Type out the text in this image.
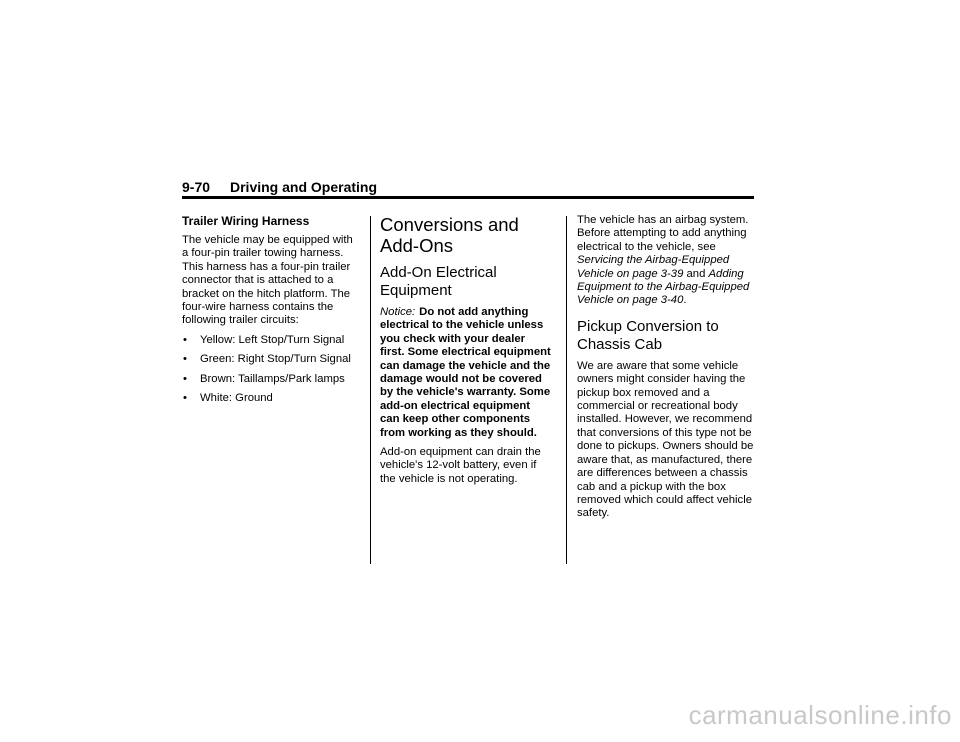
9-70 Driving and Operating
Trailer Wiring Harness

The vehicle may be equipped with a four-pin trailer towing harness. This harness has a four-pin trailer connector that is attached to a bracket on the hitch platform. The four-wire harness contains the following trailer circuits:

• Yellow: Left Stop/Turn Signal
• Green: Right Stop/Turn Signal
• Brown: Taillamps/Park lamps
• White: Ground
Conversions and Add-Ons
Add-On Electrical Equipment

Notice: Do not add anything electrical to the vehicle unless you check with your dealer first. Some electrical equipment can damage the vehicle and the damage would not be covered by the vehicle's warranty. Some add-on electrical equipment can keep other components from working as they should.

Add-on equipment can drain the vehicle's 12-volt battery, even if the vehicle is not operating.

The vehicle has an airbag system. Before attempting to add anything electrical to the vehicle, see Servicing the Airbag-Equipped Vehicle on page 3-39 and Adding Equipment to the Airbag-Equipped Vehicle on page 3-40.

Pickup Conversion to Chassis Cab

We are aware that some vehicle owners might consider having the pickup box removed and a commercial or recreational body installed. However, we recommend that conversions of this type not be done to pickups. Owners should be aware that, as manufactured, there are differences between a chassis cab and a pickup with the box removed which could affect vehicle safety.

carmanualsonline.info
